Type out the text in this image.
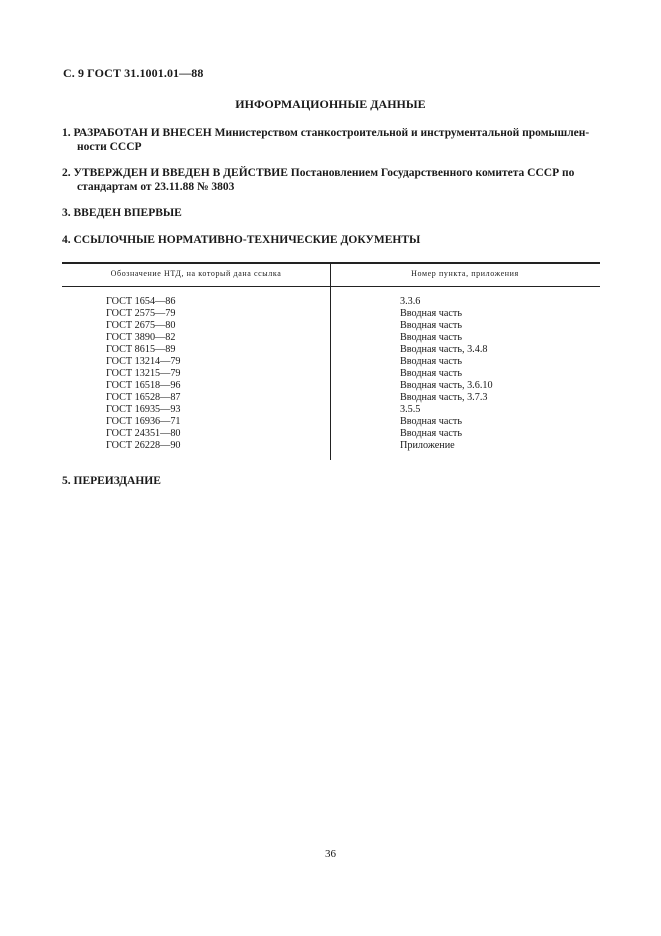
С. 9 ГОСТ 31.1001.01—88
ИНФОРМАЦИОННЫЕ ДАННЫЕ
1. РАЗРАБОТАН И ВНЕСЕН Министерством станкостроительной и инструментальной промышлен-
ности СССР
2. УТВЕРЖДЕН И ВВЕДЕН В ДЕЙСТВИЕ Постановлением Государственного комитета СССР по
стандартам от 23.11.88 № 3803
3. ВВЕДЕН ВПЕРВЫЕ
4. ССЫЛОЧНЫЕ НОРМАТИВНО-ТЕХНИЧЕСКИЕ ДОКУМЕНТЫ
Обозначение НТД, на который дана ссылка	Номер пункта, приложения
ГОСТ 1654—86	3.3.6
ГОСТ 2575—79	Вводная часть
ГОСТ 2675—80	Вводная часть
ГОСТ 3890—82	Вводная часть
ГОСТ 8615—89	Вводная часть, 3.4.8
ГОСТ 13214—79	Вводная часть
ГОСТ 13215—79	Вводная часть
ГОСТ 16518—96	Вводная часть, 3.6.10
ГОСТ 16528—87	Вводная часть, 3.7.3
ГОСТ 16935—93	3.5.5
ГОСТ 16936—71	Вводная часть
ГОСТ 24351—80	Вводная часть
ГОСТ 26228—90	Приложение
5. ПЕРЕИЗДАНИЕ
36
